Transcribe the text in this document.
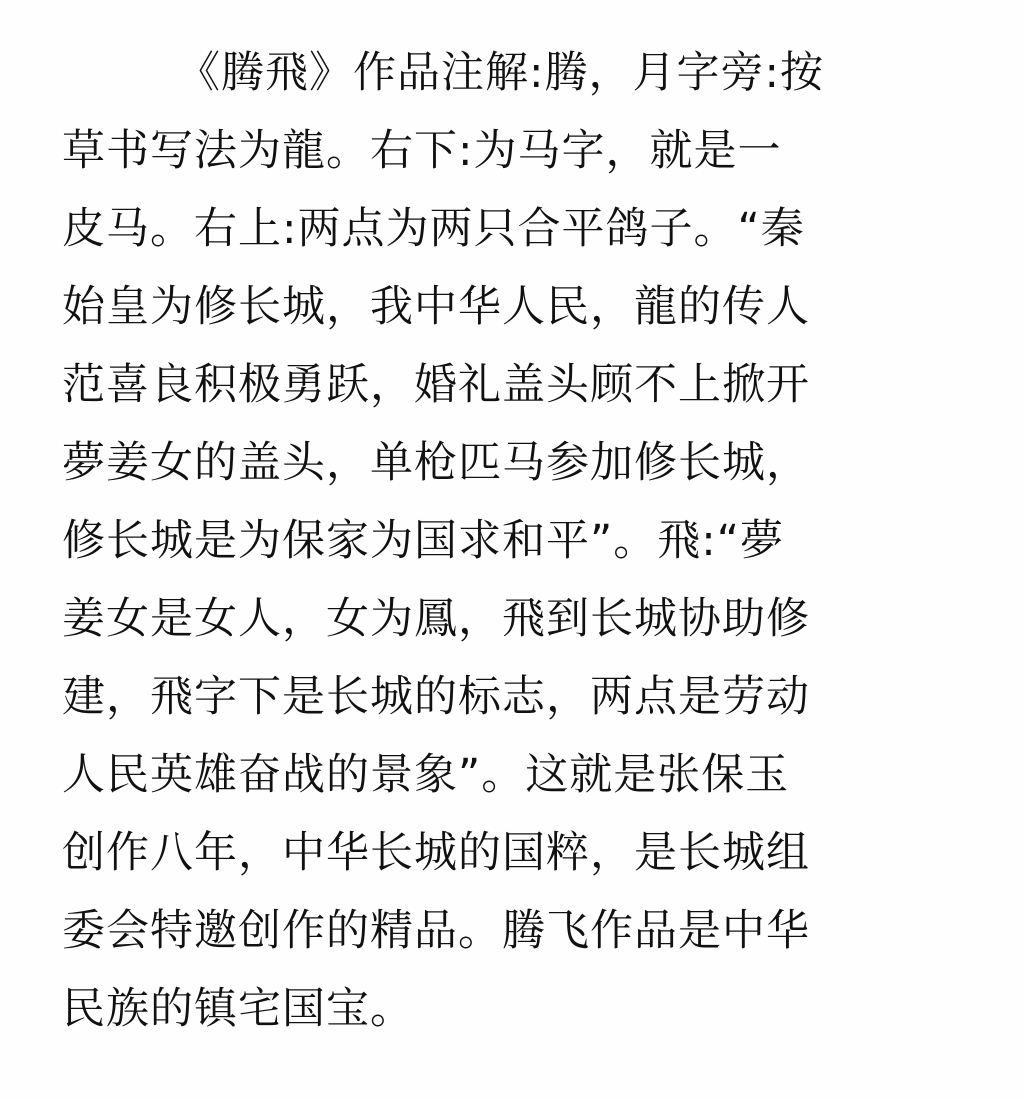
《腾飛》作品注解:腾，月字旁:按
草书写法为龍。右下:为马字，就是一
皮马。右上:两点为两只合平鸽子。“秦
始皇为修长城，我中华人民，龍的传人
范喜良积极勇跃，婚礼盖头顾不上掀开
夢姜女的盖头，单枪匹马参加修长城，
修长城是为保家为国求和平”。飛:“夢
姜女是女人，女为鳳，飛到长城协助修
建，飛字下是长城的标志，两点是劳动
人民英雄奋战的景象”。这就是张保玉
创作八年，中华长城的国粹，是长城组
委会特邀创作的精品。腾飞作品是中华
民族的镇宅国宝。
